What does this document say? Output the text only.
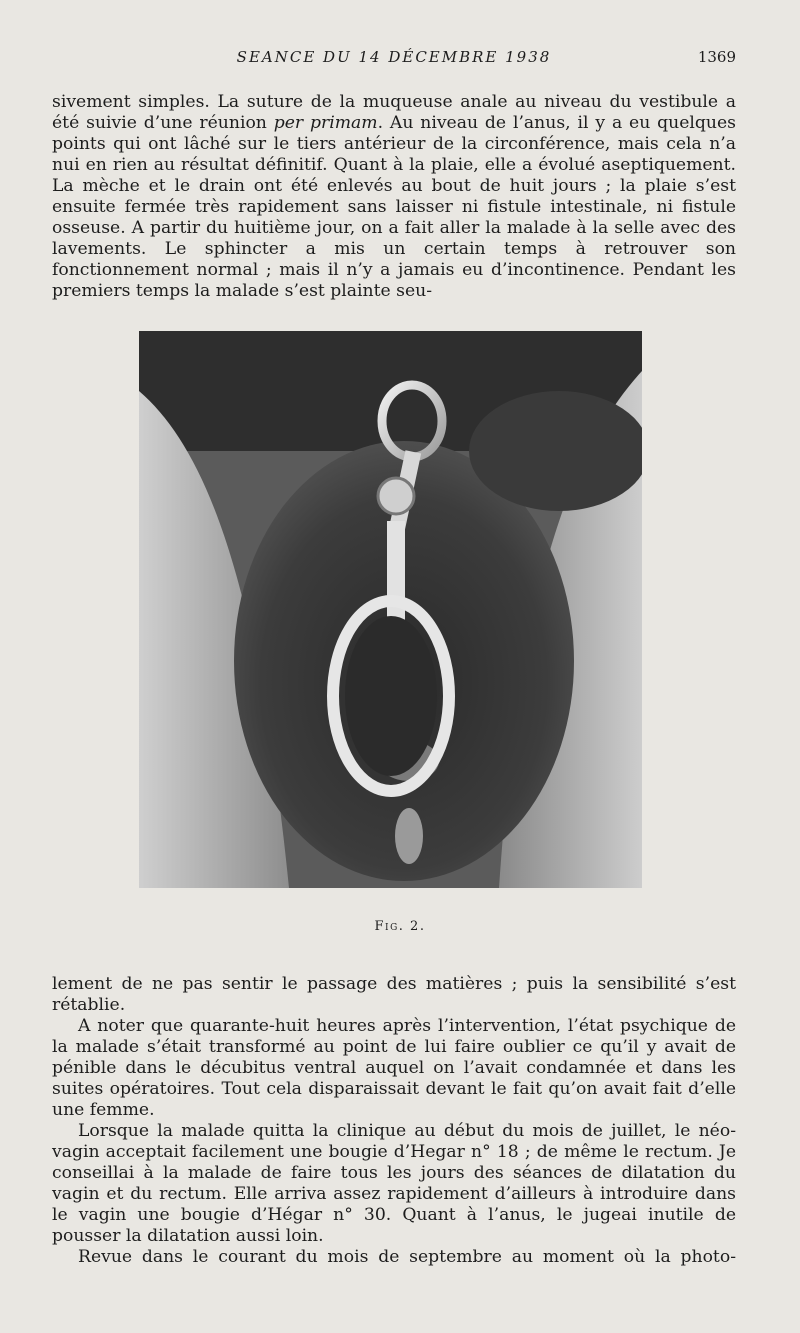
SEANCE DU 14 DÉCEMBRE 1938	1369

sivement simples. La suture de la muqueuse anale au niveau du vestibule a été suivie d’une réunion per primam. Au niveau de l’anus, il y a eu quelques points qui ont lâché sur le tiers antérieur de la circonférence, mais cela n’a nui en rien au résultat définitif. Quant à la plaie, elle a évolué aseptiquement. La mèche et le drain ont été enlevés au bout de huit jours ; la plaie s’est ensuite fermée très rapidement sans laisser ni fistule intestinale, ni fistule osseuse. A partir du huitième jour, on a fait aller la malade à la selle avec des lavements. Le sphincter a mis un certain temps à retrouver son fonctionnement normal ; mais il n’y a jamais eu d’incontinence. Pendant les premiers temps la malade s’est plainte seu-

Fig. 2.

lement de ne pas sentir le passage des matières ; puis la sensibilité s’est rétablie.

A noter que quarante-huit heures après l’intervention, l’état psychique de la malade s’était transformé au point de lui faire oublier ce qu’il y avait de pénible dans le décubitus ventral auquel on l’avait condamnée et dans les suites opératoires. Tout cela disparaissait devant le fait qu’on avait fait d’elle une femme.

Lorsque la malade quitta la clinique au début du mois de juillet, le néo-vagin acceptait facilement une bougie d’Hegar n° 18 ; de même le rectum. Je conseillai à la malade de faire tous les jours des séances de dilatation du vagin et du rectum. Elle arriva assez rapidement d’ailleurs à introduire dans le vagin une bougie d’Hégar n° 30. Quant à l’anus, le jugeai inutile de pousser la dilatation aussi loin.

Revue dans le courant du mois de septembre au moment où la photo-
